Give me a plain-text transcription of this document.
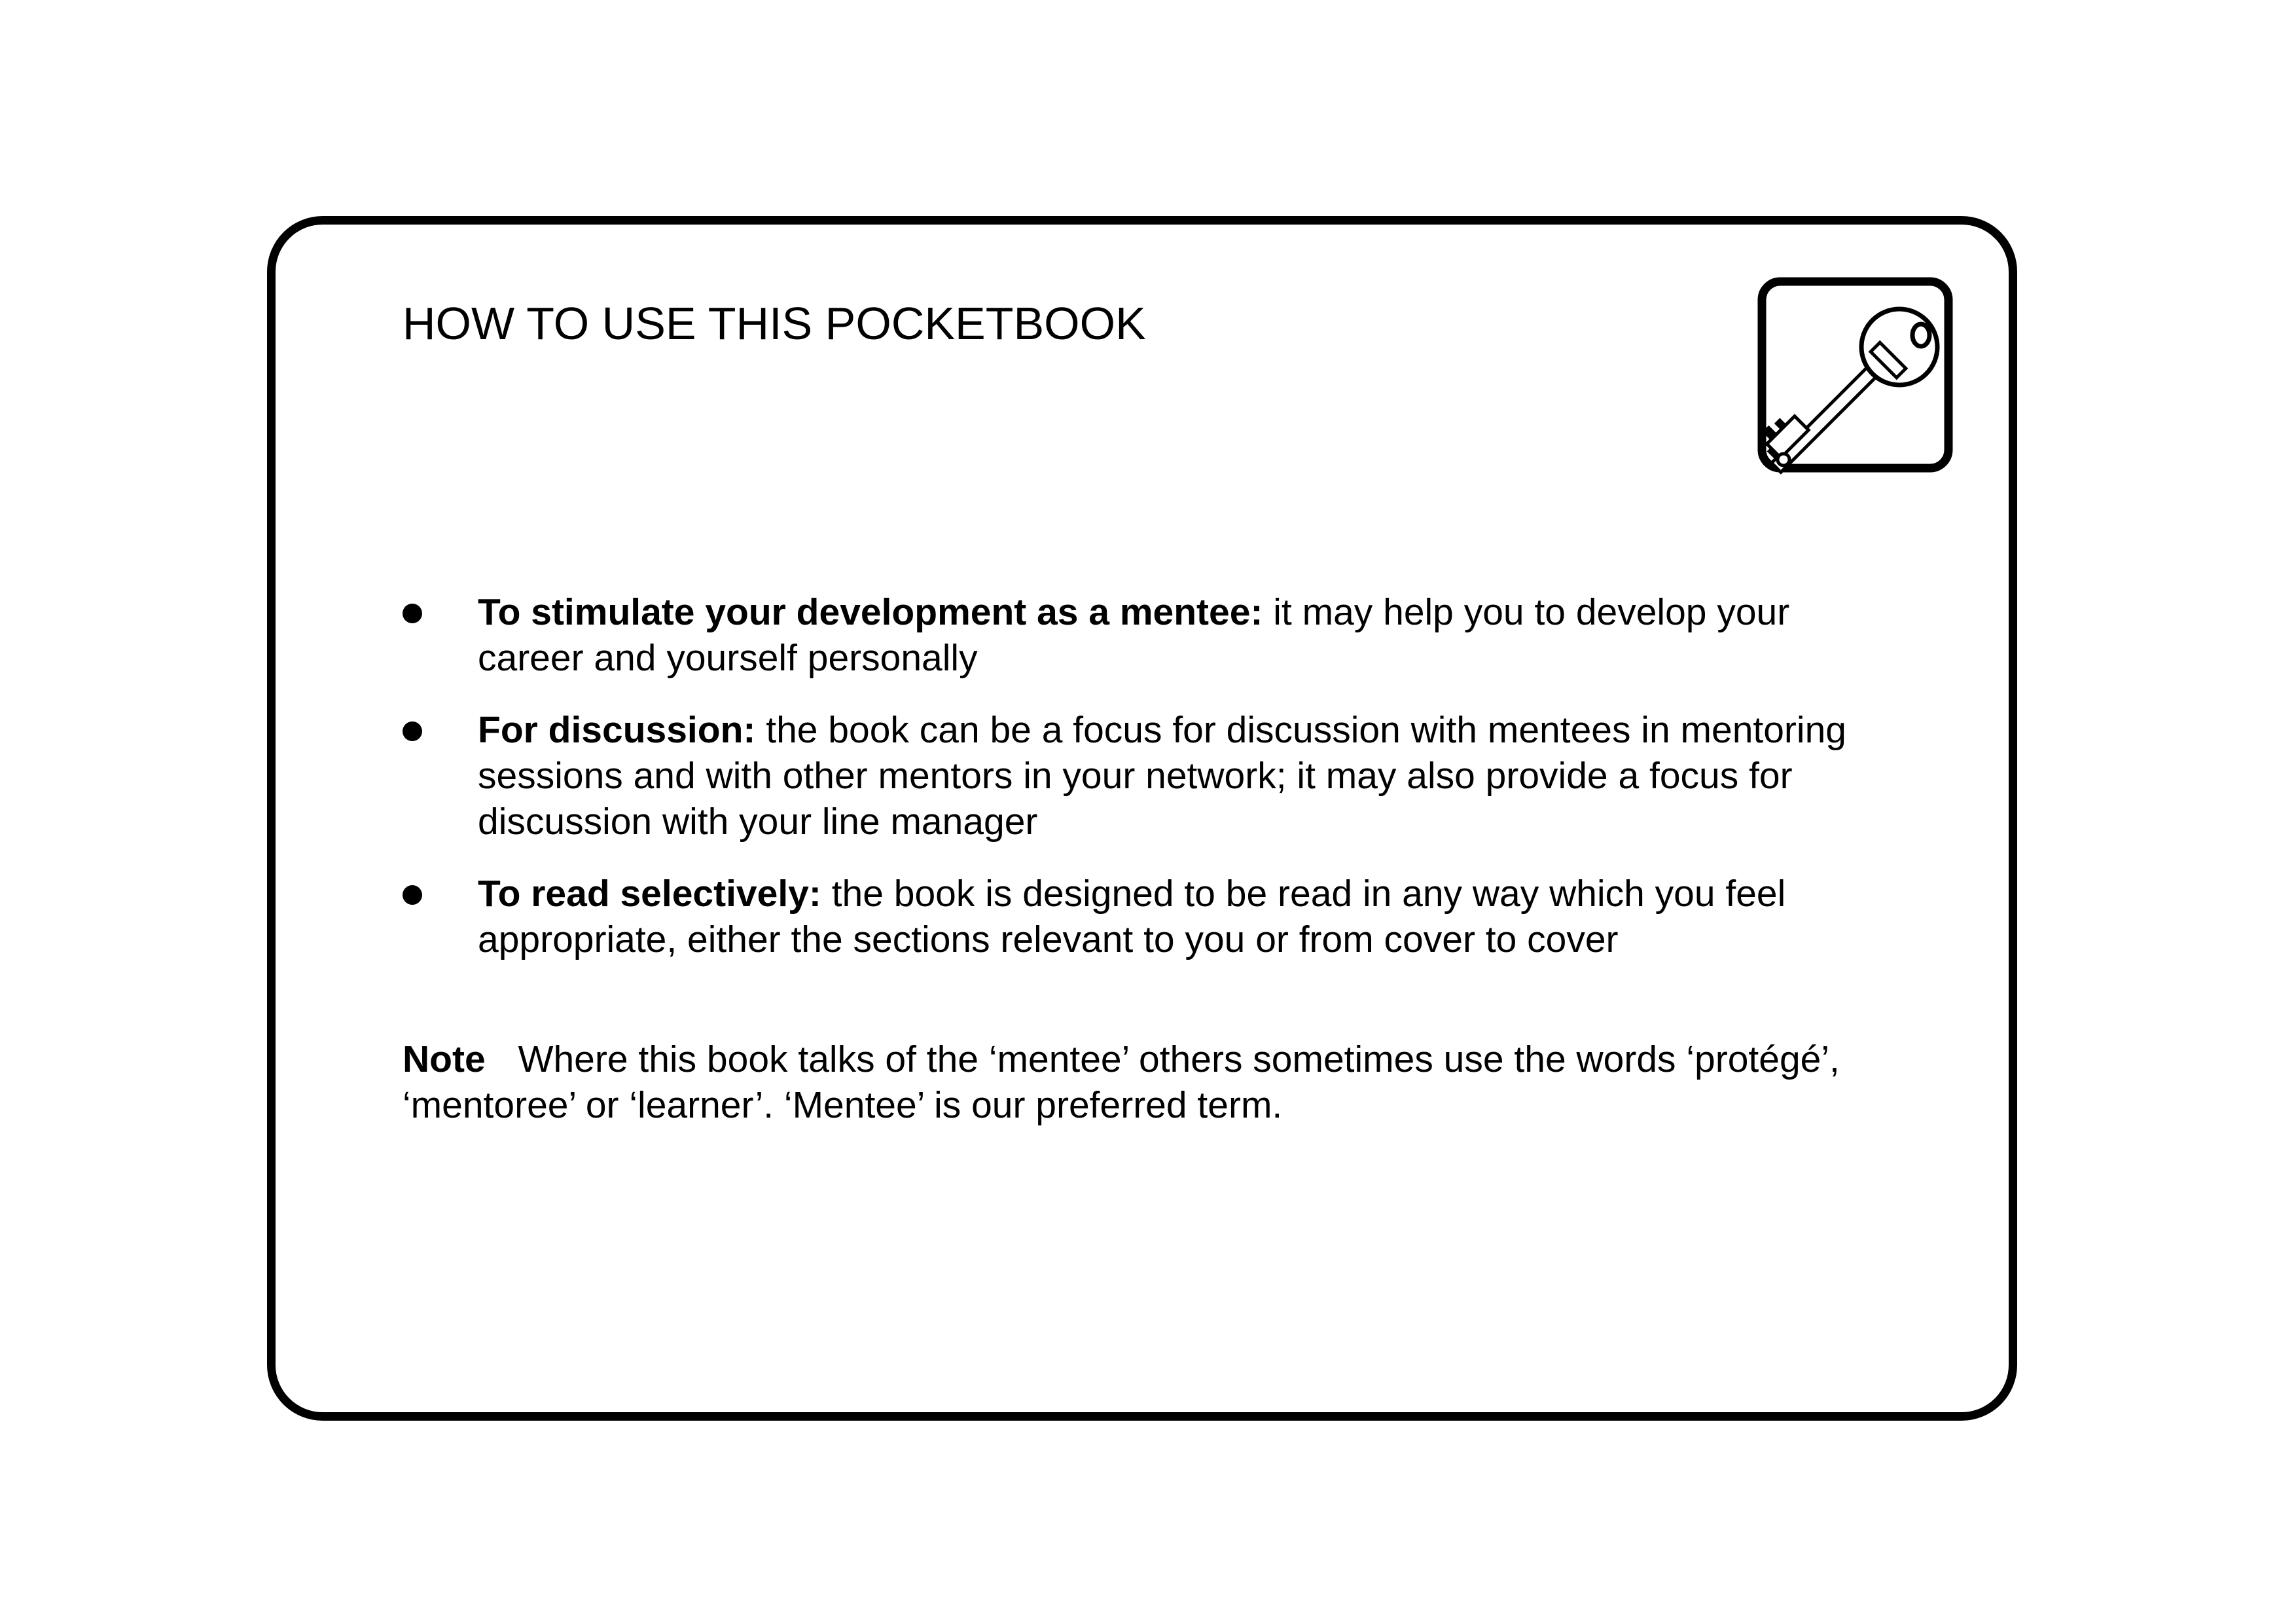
HOW TO USE THIS POCKETBOOK
To stimulate your development as a mentee: it may help you to develop your career and yourself personally
For discussion: the book can be a focus for discussion with mentees in mentoring sessions and with other mentors in your network; it may also provide a focus for discussion with your line manager
To read selectively: the book is designed to be read in any way which you feel appropriate, either the sections relevant to you or from cover to cover

Note Where this book talks of the ‘mentee’ others sometimes use the words ‘protégé’, ‘mentoree’ or ‘learner’. ‘Mentee’ is our preferred term.
